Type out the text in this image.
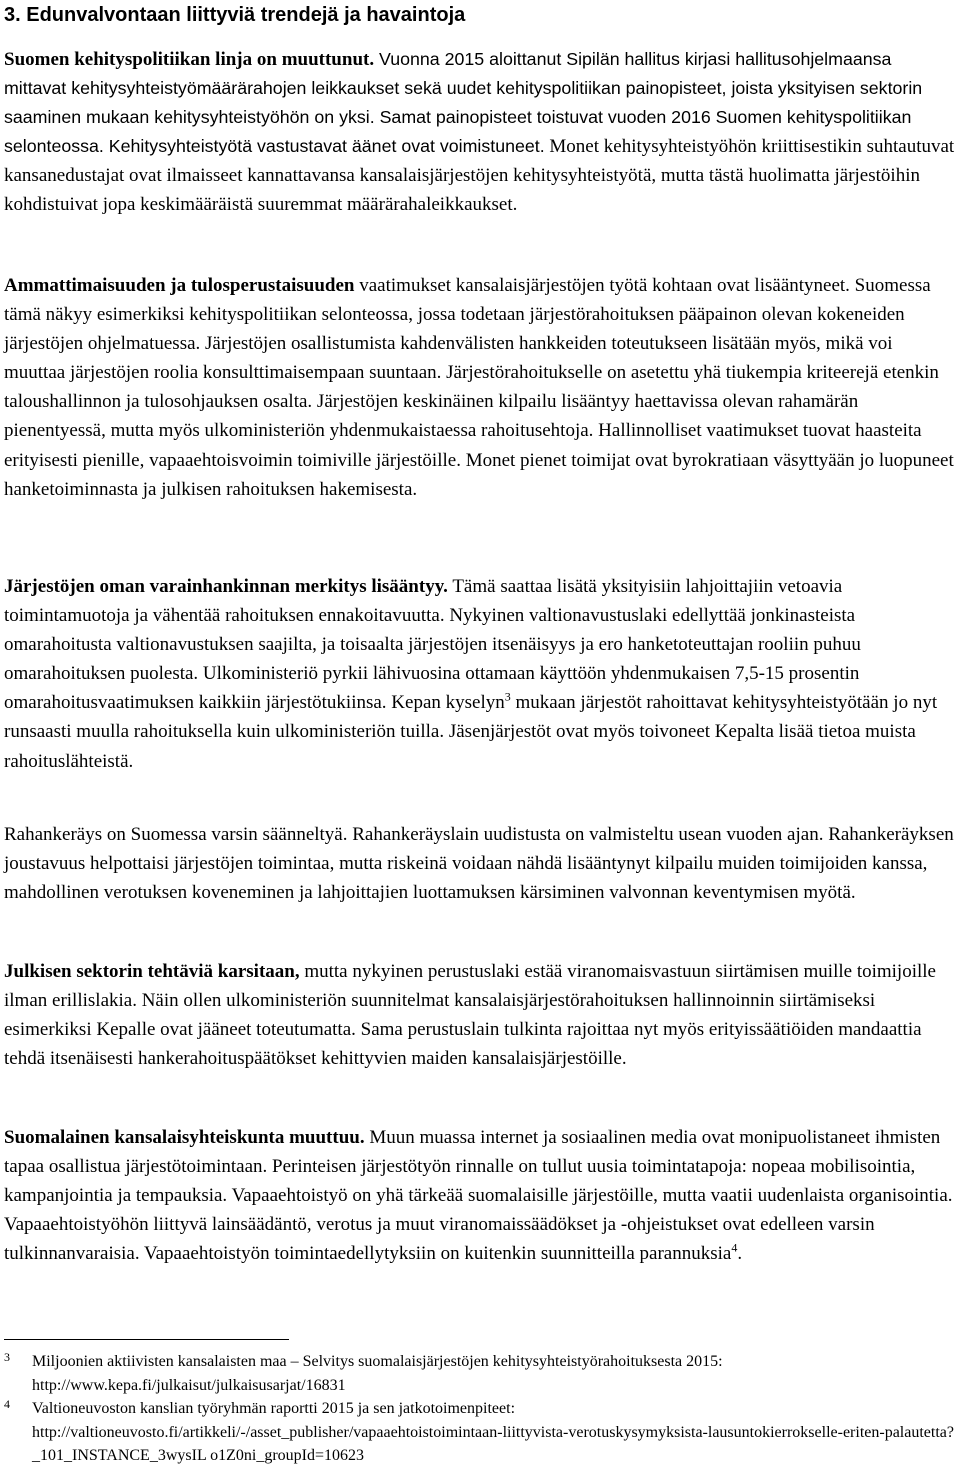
3. Edunvalvontaan liittyviä trendejä ja havaintoja

Suomen kehityspolitiikan linja on muuttunut. Vuonna 2015 aloittanut Sipilän hallitus kirjasi hallitusohjelmaansa mittavat kehitysyhteistyömäärärahojen leikkaukset sekä uudet kehityspolitiikan painopisteet, joista yksityisen sektorin saaminen mukaan kehitysyhteistyöhön on yksi. Samat painopisteet toistuvat vuoden 2016 Suomen kehityspolitiikan selonteossa. Kehitysyhteistyötä vastustavat äänet ovat voimistuneet. Monet kehitysyhteistyöhön kriittisestikin suhtautuvat kansanedustajat ovat ilmaisseet kannattavansa kansalaisjärjestöjen kehitysyhteistyötä, mutta tästä huolimatta järjestöihin kohdistuivat jopa keskimääräistä suuremmat määrärahaleikkaukset.

Ammattimaisuuden ja tulosperustaisuuden vaatimukset kansalaisjärjestöjen työtä kohtaan ovat lisääntyneet. Suomessa tämä näkyy esimerkiksi kehityspolitiikan selonteossa, jossa todetaan järjestörahoituksen pääpainon olevan kokeneiden järjestöjen ohjelmatuessa. Järjestöjen osallistumista kahdenvälisten hankkeiden toteutukseen lisätään myös, mikä voi muuttaa järjestöjen roolia konsulttimaisempaan suuntaan. Järjestörahoitukselle on asetettu yhä tiukempia kriteerejä etenkin taloushallinnon ja tulosohjauksen osalta. Järjestöjen keskinäinen kilpailu lisääntyy haettavissa olevan rahamärän pienentyessä, mutta myös ulkoministeriön yhdenmukaistaessa rahoitusehtoja. Hallinnolliset vaatimukset tuovat haasteita erityisesti pienille, vapaaehtoisvoimin toimiville järjestöille. Monet pienet toimijat ovat byrokratiaan väsyttyään jo luopuneet hanketoiminnasta ja julkisen rahoituksen hakemisesta.

Järjestöjen oman varainhankinnan merkitys lisääntyy. Tämä saattaa lisätä yksityisiin lahjoittajiin vetoavia toimintamuotoja ja vähentää rahoituksen ennakoitavuutta. Nykyinen valtionavustuslaki edellyttää jonkinasteista omarahoitusta valtionavustuksen saajilta, ja toisaalta järjestöjen itsenäisyys ja ero hanketoteuttajan rooliin puhuu omarahoituksen puolesta. Ulkoministeriö pyrkii lähivuosina ottamaan käyttöön yhdenmukaisen 7,5-15 prosentin omarahoitusvaatimuksen kaikkiin järjestötukiinsa. Kepan kyselyn$^3$ mukaan järjestöt rahoittavat kehitysyhteistyötään jo nyt runsaasti muulla rahoituksella kuin ulkoministeriön tuilla. Jäsenjärjestöt ovat myös toivoneet Kepalta lisää tietoa muista rahoituslähteistä.

Rahankeräys on Suomessa varsin säänneltyä. Rahankeräyslain uudistusta on valmisteltu usean vuoden ajan. Rahankeräyksen joustavuus helpottaisi järjestöjen toimintaa, mutta riskeinä voidaan nähdä lisääntynyt kilpailu muiden toimijoiden kanssa, mahdollinen verotuksen koveneminen ja lahjoittajien luottamuksen kärsiminen valvonnan keventymisen myötä.

Julkisen sektorin tehtäviä karsitaan, mutta nykyinen perustuslaki estää viranomaisvastuun siirtämisen muille toimijoille ilman erillislakia. Näin ollen ulkoministeriön suunnitelmat kansalaisjärjestörahoituksen hallinnoinnin siirtämiseksi esimerkiksi Kepalle ovat jääneet toteutumatta. Sama perustuslain tulkinta rajoittaa nyt myös erityissäätiöiden mandaattia tehdä itsenäisesti hankerahoituspäätökset kehittyvien maiden kansalaisjärjestöille.

Suomalainen kansalaisyhteiskunta muuttuu. Muun muassa internet ja sosiaalinen media ovat monipuolistaneet ihmisten tapaa osallistua järjestötoimintaan. Perinteisen järjestötyön rinnalle on tullut uusia toimintatapoja: nopeaa mobilisointia, kampanjointia ja tempauksia. Vapaaehtoistyö on yhä tärkeää suomalaisille järjestöille, mutta vaatii uudenlaista organisointia. Vapaaehtoistyöhön liittyvä lainsäädäntö, verotus ja muut viranomaissäädökset ja -ohjeistukset ovat edelleen varsin tulkinnanvaraisia. Vapaaehtoistyön toimintaedellytyksiin on kuitenkin suunnitteilla parannuksia$^4$.

3 Miljoonien aktiivisten kansalaisten maa – Selvitys suomalaisjärjestöjen kehitysyhteistyörahoituksesta 2015: http://www.kepa.fi/julkaisut/julkaisusarjat/16831
4 Valtioneuvoston kanslian työryhmän raportti 2015 ja sen jatkotoimenpiteet: http://valtioneuvosto.fi/artikkeli/-/asset_publisher/vapaaehtoistoimintaan-liittyvista-verotuskysymyksista-lausuntokierrokselle-eriten-palautetta?_101_INSTANCE_3wysIL o1Z0ni_groupId=10623
